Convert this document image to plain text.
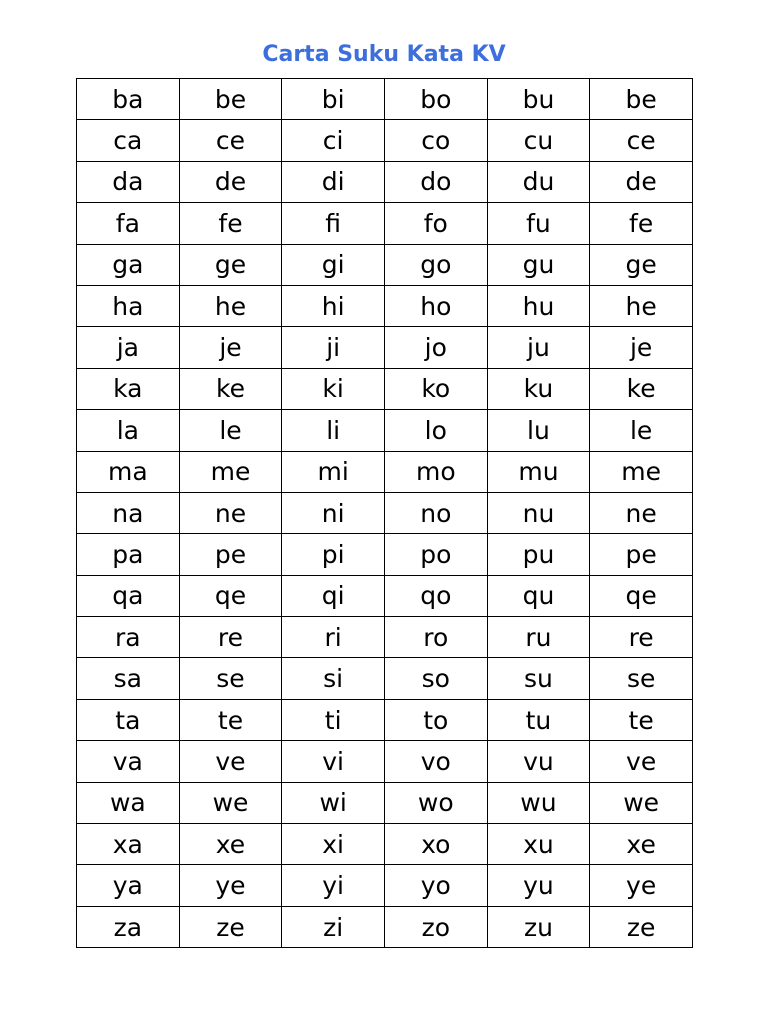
Carta Suku Kata KV
ba	be	bi	bo	bu	be
ca	ce	ci	co	cu	ce
da	de	di	do	du	de
fa	fe	fi	fo	fu	fe
ga	ge	gi	go	gu	ge
ha	he	hi	ho	hu	he
ja	je	ji	jo	ju	je
ka	ke	ki	ko	ku	ke
la	le	li	lo	lu	le
ma	me	mi	mo	mu	me
na	ne	ni	no	nu	ne
pa	pe	pi	po	pu	pe
qa	qe	qi	qo	qu	qe
ra	re	ri	ro	ru	re
sa	se	si	so	su	se
ta	te	ti	to	tu	te
va	ve	vi	vo	vu	ve
wa	we	wi	wo	wu	we
xa	xe	xi	xo	xu	xe
ya	ye	yi	yo	yu	ye
za	ze	zi	zo	zu	ze
